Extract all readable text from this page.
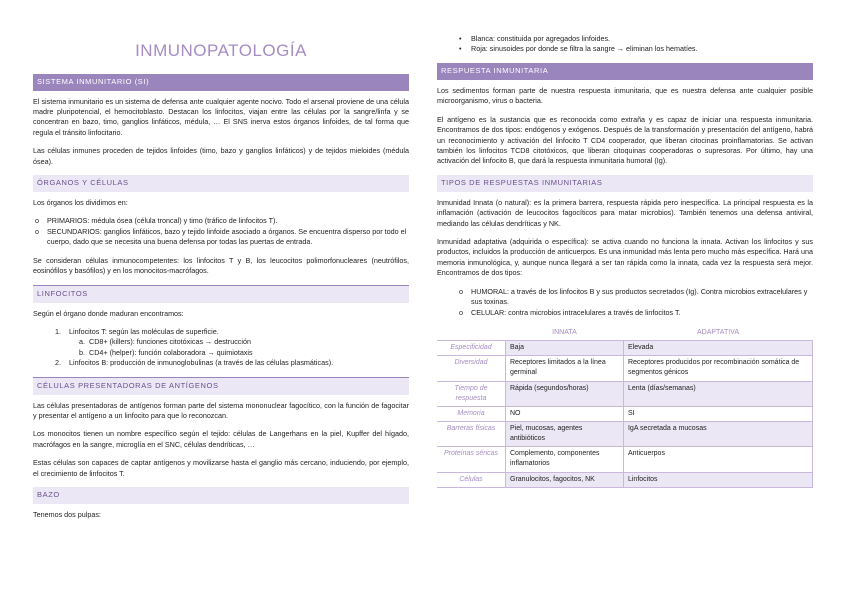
INMUNOPATOLOGÍA
SISTEMA INMUNITARIO (SI)

El sistema inmunitario es un sistema de defensa ante cualquier agente nocivo. Todo el arsenal proviene de una célula madre pluripotencial, el hemocitoblasto. Destacan los linfocitos, viajan entre las células por la sangre/linfa y se concentran en bazo, timo, ganglios linfáticos, médula, … El SNS inerva estos órganos linfoides, de tal forma que regula el tránsito linfocitario.

Las células inmunes proceden de tejidos linfoides (timo, bazo y ganglios linfáticos) y de tejidos mieloides (médula ósea).

ÓRGANOS Y CÉLULAS

Los órganos los dividimos en:

o PRIMARIOS: médula ósea (célula troncal) y timo (tráfico de linfocitos T).
o SECUNDARIOS: ganglios linfáticos, bazo y tejido linfoide asociado a órganos. Se encuentra disperso por todo el cuerpo, dado que se necesita una buena defensa por todas las puertas de entrada.

Se consideran células inmunocompetentes: los linfocitos T y B, los leucocitos polimorfonucleares (neutrófilos, eosinófilos y basófilos) y en los monocitos-macrófagos.

LINFOCITOS

Según el órgano donde maduran encontramos:

1.	Linfocitos T: según las moléculas de superficie.
a. CD8+ (killers): funciones citotóxicas → destrucción
b. CD4+ (helper): función colaboradora → quimiotaxis
2.	Linfocitos B: producción de inmunoglobulinas (a través de las células plasmáticas).
CÉLULAS PRESENTADORAS DE ANTÍGENOS

Las células presentadoras de antígenos forman parte del sistema mononuclear fagocítico, con la función de fagocitar y presentar el antígeno a un linfocito para que lo reconozcan.

Los monocitos tienen un nombre específico según el tejido: células de Langerhans en la piel, Kupffer del hígado, macrófagos en la sangre, microglía en el SNC, células dendríticas, …

Estas células son capaces de captar antígenos y movilizarse hasta el ganglio más cercano, induciendo, por ejemplo, el crecimiento de linfocitos T.

BAZO

Tenemos dos pulpas:

•	Blanca: constituida por agregados linfoides.
•	Roja: sinusoides por donde se filtra la sangre → eliminan los hematíes.
RESPUESTA INMUNITARIA

Los sedimentos forman parte de nuestra respuesta inmunitaria, que es nuestra defensa ante cualquier posible microorganismo, virus o bacteria.

El antígeno es la sustancia que es reconocida como extraña y es capaz de iniciar una respuesta inmunitaria. Encontramos de dos tipos: endógenos y exógenos. Después de la transformación y presentación del antígeno, habrá un reconocimiento y activación del linfocito T CD4 cooperador, que liberan citocinas proinflamatorias. Se activan también los linfocitos TCD8 citotóxicos, que liberan citoquinas cooperadoras o supresoras. Por último, hay una activación del linfocito B, que dará la respuesta inmunitaria humoral (Ig).

TIPOS DE RESPUESTAS INMUNITARIAS

Inmunidad Innata (o natural): es la primera barrera, respuesta rápida pero inespecífica. La principal respuesta es la inflamación (activación de leucocitos fagocíticos para matar microbios). También tenemos una defensa antiviral, mediando las células dendríticas y NK.

Inmunidad adaptativa (adquirida o específica): se activa cuando no funciona la innata. Activan los linfocitos y sus productos, incluidos la producción de anticuerpos. Es una inmunidad más lenta pero mucho más específica. Hará una memoria inmunológica, y, aunque nunca llegará a ser tan rápida como la innata, cada vez la respuesta será mejor. Encontramos de dos tipos:

o	HUMORAL: a través de los linfocitos B y sus productos secretados (Ig). Contra microbios extracelulares y sus toxinas.
o	CELULAR: contra microbios intracelulares a través de linfocitos T.
	INNATA	ADAPTATIVA
Especificidad	Baja	Elevada
Diversidad	Receptores limitados a la línea germinal	Receptores producidos por recombinación somática de segmentos génicos
Tiempo de respuesta	Rápida (segundos/horas)	Lenta (días/semanas)
Memoria	NO	SI
Barreras físicas	Piel, mucosas, agentes antibióticos	IgA secretada a mucosas
Proteínas séricas	Complemento, componentes inflamatorios	Anticuerpos
Células	Granulocitos, fagocitos, NK	Linfocitos
